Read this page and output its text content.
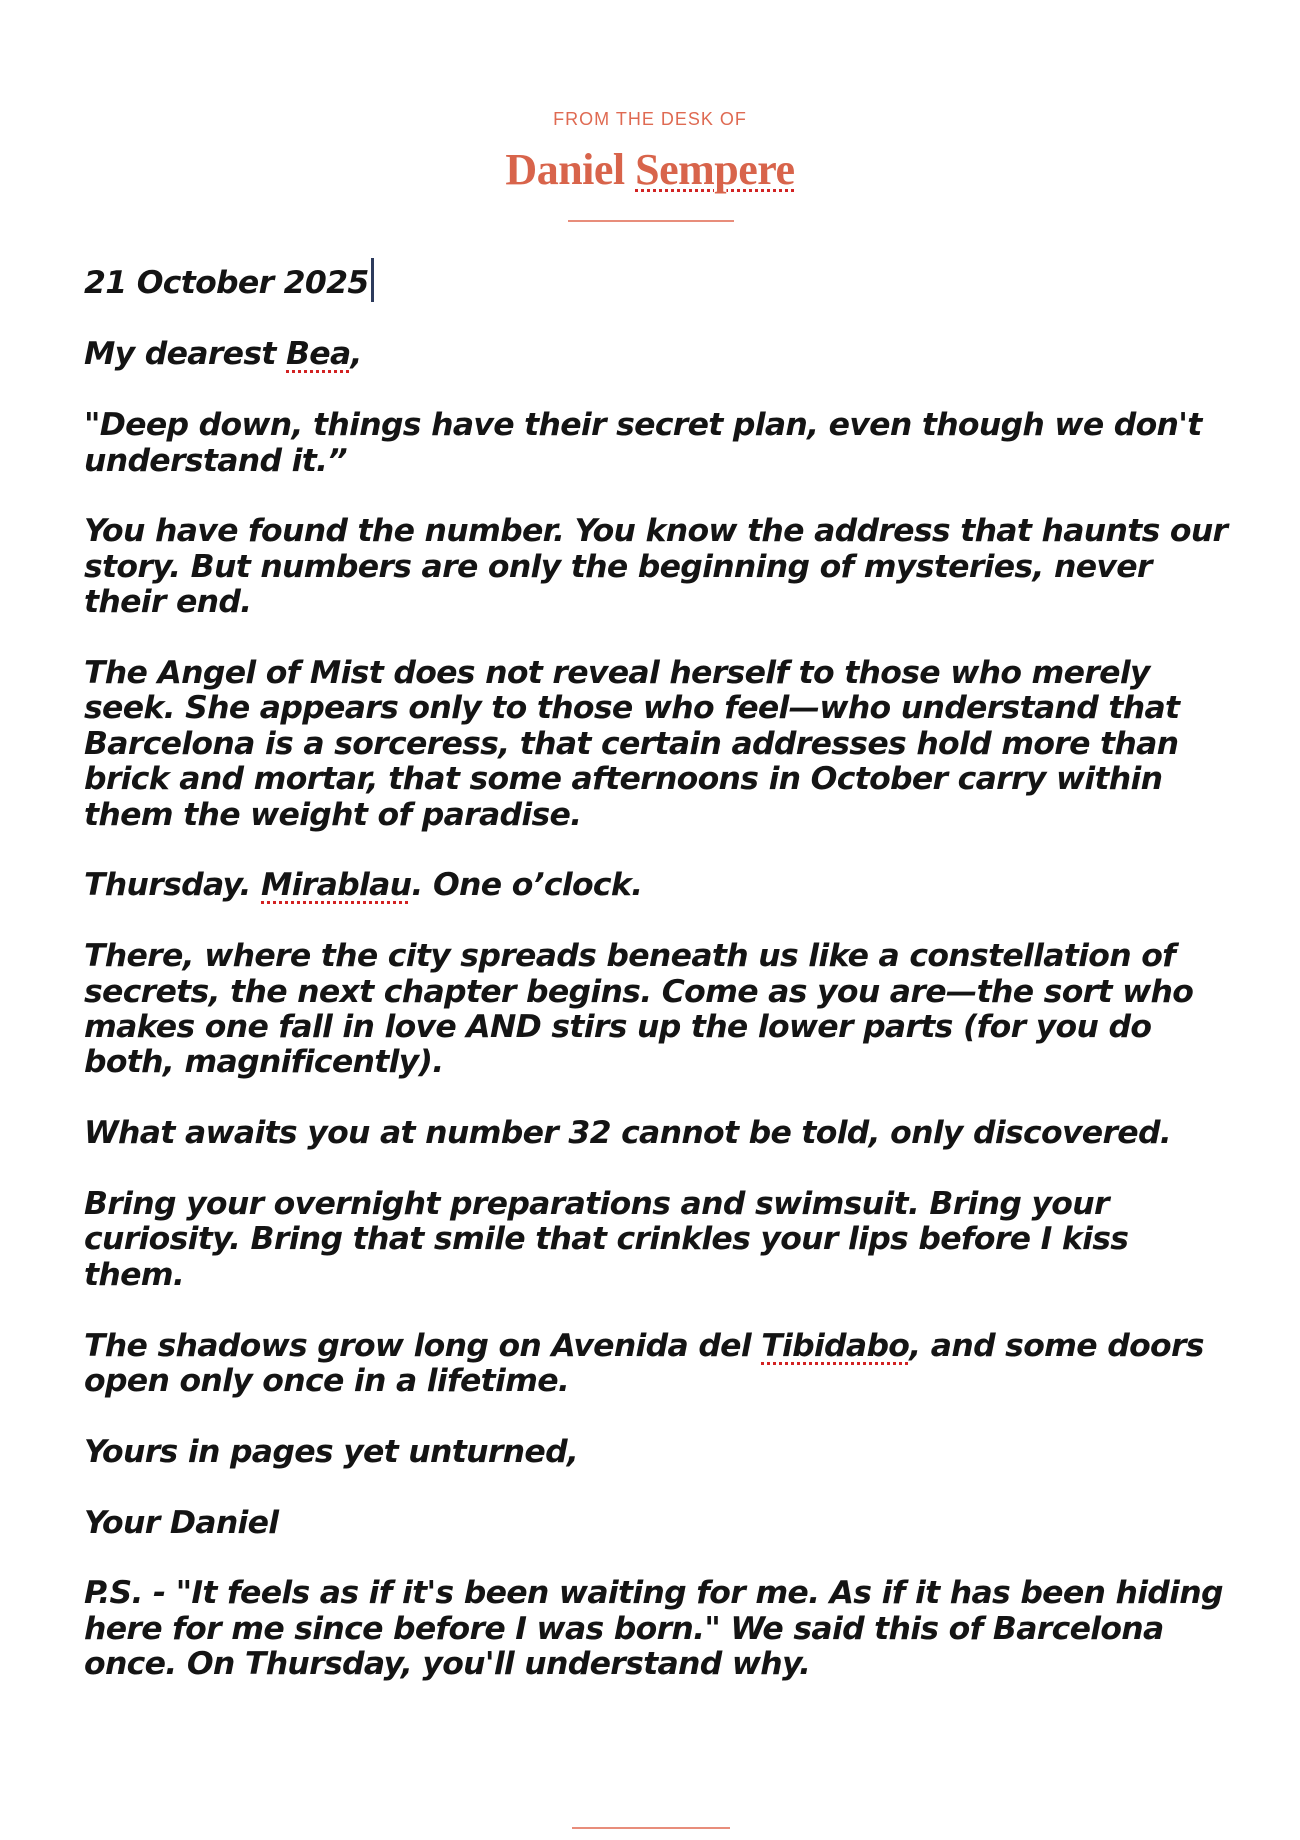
FROM THE DESK OF
Daniel Sempere

21 October 2025

My dearest Bea,

"Deep down, things have their secret plan, even though we don't understand it.”

You have found the number. You know the address that haunts our story. But numbers are only the beginning of mysteries, never their end.

The Angel of Mist does not reveal herself to those who merely seek. She appears only to those who feel—who understand that Barcelona is a sorceress, that certain addresses hold more than brick and mortar, that some afternoons in October carry within them the weight of paradise.

Thursday. Mirablau. One o’clock.

There, where the city spreads beneath us like a constellation of secrets, the next chapter begins. Come as you are—the sort who makes one fall in love AND stirs up the lower parts (for you do both, magnificently).

What awaits you at number 32 cannot be told, only discovered.

Bring your overnight preparations and swimsuit. Bring your curiosity. Bring that smile that crinkles your lips before I kiss them.

The shadows grow long on Avenida del Tibidabo, and some doors open only once in a lifetime.

Yours in pages yet unturned,

Your Daniel

P.S. - "It feels as if it's been waiting for me. As if it has been hiding here for me since before I was born." We said this of Barcelona once. On Thursday, you'll understand why.
